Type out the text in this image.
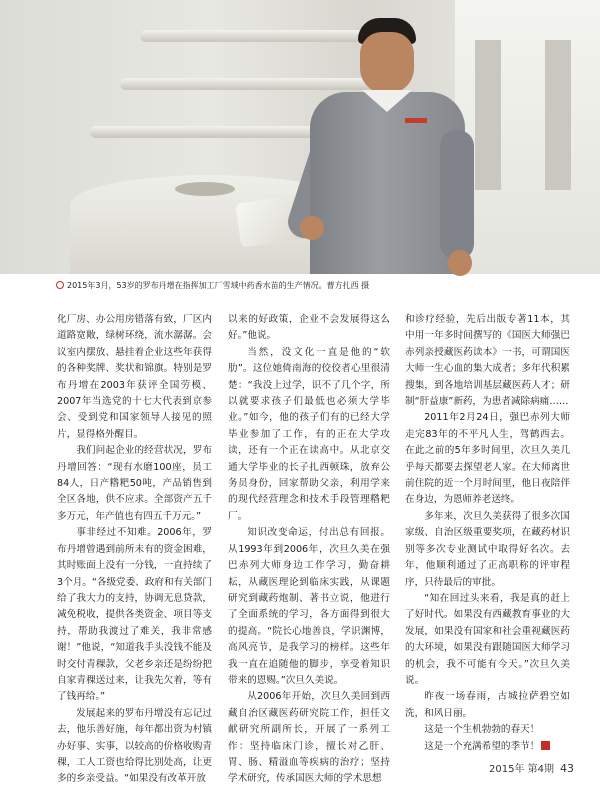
2015年3月，53岁的罗布丹增在指挥加工厂雪域中药香水苗的生产情况。曹方扎西 摄

化厂房、办公用房错落有致，厂区内道路宽敞，绿树环绕，流水潺潺。会议室内摆放、悬挂着企业这些年获得的各种奖牌、奖状和锦旗。特别是罗布丹增在2003年获评全国劳模、2007年当选党的十七大代表到京参会、受到党和国家领导人接见的照片，显得格外醒目。

我们问起企业的经营状况，罗布丹增回答：“现有水磨100座，员工84人，日产糌粑50吨，产品销售到全区各地，供不应求。全部资产五千多万元，年产值也有四五千万元。”

事非经过不知难。2006年，罗布丹增曾遇到前所未有的资金困难，其时账面上没有一分钱，一直持续了3个月。“各级党委、政府和有关部门给了我大力的支持，协调无息贷款，减免税收，提供各类资金、项目等支持，帮助我渡过了难关，我非常感谢！”他说，“知道我手头没钱不能及时交付青稞款，父老乡亲还是纷纷把自家青稞送过来，让我先欠着，等有了钱再给。”

发展起来的罗布丹增没有忘记过去，他乐善好施，每年都出资为村镇办好事、实事，以较高的价格收购青稞，工人工资也给得比别处高，让更多的乡亲受益。“如果没有改革开放

以来的好政策，企业不会发展得这么好。”他说。

当然，没文化一直是他的“软肋”。这位她倚南海的佼佼者心里很清楚：“我没上过学，识不了几个字，所以就要求孩子们最低也必须大学毕业。”如今，他的孩子们有的已经大学毕业参加了工作，有的正在大学攻读，还有一个正在读高中。从北京交通大学毕业的长子扎西顿珠，放弃公务员身份，回家帮助父亲，利用学来的现代经营理念和技术手段管理糌粑厂。

知识改变命运，付出总有回报。从1993年到2006年，次旦久美在强巴赤列大师身边工作学习，勤奋耕耘，从藏医理论到临床实践，从课题研究到藏药炮制、著书立说，他进行了全面系统的学习，各方面得到很大的提高。“院长心地善良，学识渊博，高风亮节，是我学习的榜样。这些年我一直在追随他的脚步，享受着知识带来的恩赐。”次旦久美说。

从2006年开始，次旦久美回到西藏自治区藏医药研究院工作，担任文献研究所副所长，开展了一系列工作：坚持临床门诊，擅长对乙肝、胃、肠、精溢血等疾病的治疗；坚持学术研究，传承国医大师的学术思想

和诊疗经验，先后出版专著11本，其中用一年多时间撰写的《国医大师强巴赤列亲授藏医药读本》一书，可谓国医大师一生心血的集大成者；多年代积累搜集，到各地培训基层藏医药人才；研制“肝益康”新药，为患者减除病痛……

2011年2月24日，强巴赤列大师走完83年的不平凡人生，驾鹤西去。在此之前的5年多时间里，次旦久美几乎每天都要去探望老人家。在大师离世前住院的近一个月时间里，他日夜陪伴在身边，为恩师养老送终。

多年来，次旦久美获得了很多次国家级、自治区级重要奖项，在藏药材识别等多次专业测试中取得好名次。去年，他顺利通过了正高职称的评审程序，只待最后的审批。

“知在回过头来看，我是真的赶上了好时代。如果没有西藏教育事业的大发展，如果没有国家和社会重视藏医药的大环境，如果没有跟随国医大师学习的机会，我不可能有今天。”次旦久美说。

昨夜一场春雨，古城拉萨碧空如洗，和风日丽。

这是一个生机勃勃的春天！

这是一个充满希望的季节！

2015年 第4期 43
